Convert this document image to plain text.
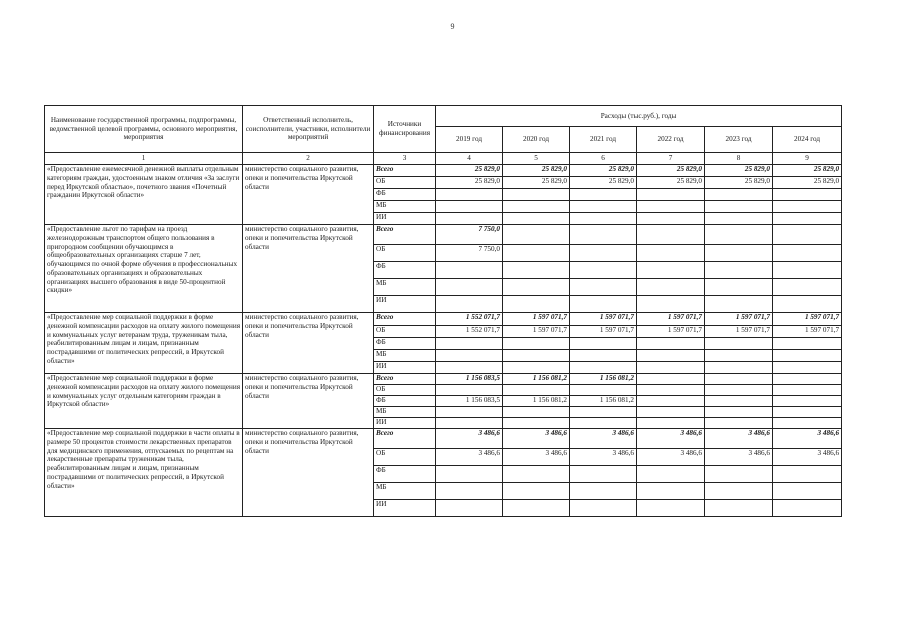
9
Наименование государственной программы, подпрограммы, ведомственной целевой программы, основного мероприятия, мероприятия	Ответственный исполнитель, соисполнители, участники, исполнители мероприятий	Источники финансирования	Расходы (тыс.руб.), годы					
			2019 год	2020 год	2021 год	2022 год	2023 год	2024 год
1	2	3	4	5	6	7	8	9
«Предоставление ежемесячной денежной выплаты отдельным категориям граждан, удостоенным знаком отличия «За заслуги перед Иркутской областью», почетного звания «Почетный гражданин Иркутской области»	министерство социального развития, опеки и попечительства Иркутской области	Всего	25 829,0	25 829,0	25 829,0	25 829,0	25 829,0	25 829,0
		ОБ	25 829,0	25 829,0	25 829,0	25 829,0	25 829,0	25 829,0
		ФБ						
		МБ						
		ИИ						
«Предоставление льгот по тарифам на проезд железнодорожным транспортом общего пользования в пригородном сообщении обучающимся в общеобразовательных организациях старше 7 лет, обучающимся по очной форме обучения в профессиональных образовательных организациях и образовательных организациях высшего образования в виде 50-процентной скидки»	министерство социального развития, опеки и попечительства Иркутской области	Всего	7 750,0					
		ОБ	7 750,0					
		ФБ						
		МБ						
		ИИ						
«Предоставление мер социальной поддержки в форме денежной компенсации расходов на оплату жилого помещения и коммунальных услуг ветеранам труда, труженикам тыла, реабилитированным лицам и лицам, признанным пострадавшими от политических репрессий, в Иркутской области»	министерство социального развития, опеки и попечительства Иркутской области	Всего	1 552 071,7	1 597 071,7	1 597 071,7	1 597 071,7	1 597 071,7	1 597 071,7
		ОБ	1 552 071,7	1 597 071,7	1 597 071,7	1 597 071,7	1 597 071,7	1 597 071,7
		ФБ						
		МБ						
		ИИ						
«Предоставление мер социальной поддержки в форме денежной компенсации расходов на оплату жилого помещения и коммунальных услуг отдельным категориям граждан в Иркутской области»	министерство социального развития, опеки и попечительства Иркутской области	Всего	1 156 083,5	1 156 081,2	1 156 081,2			
		ОБ						
		ФБ	1 156 083,5	1 156 081,2	1 156 081,2			
		МБ						
		ИИ						
«Предоставление мер социальной поддержки в части оплаты в размере 50 процентов стоимости лекарственных препаратов для медицинского применения, отпускаемых по рецептам на лекарственные препараты труженикам тыла, реабилитированным лицам и лицам, признанным пострадавшими от политических репрессий, в Иркутской области»	министерство социального развития, опеки и попечительства Иркутской области	Всего	3 486,6	3 486,6	3 486,6	3 486,6	3 486,6	3 486,6
		ОБ	3 486,6	3 486,6	3 486,6	3 486,6	3 486,6	3 486,6
		ФБ						
		МБ						
		ИИ						
